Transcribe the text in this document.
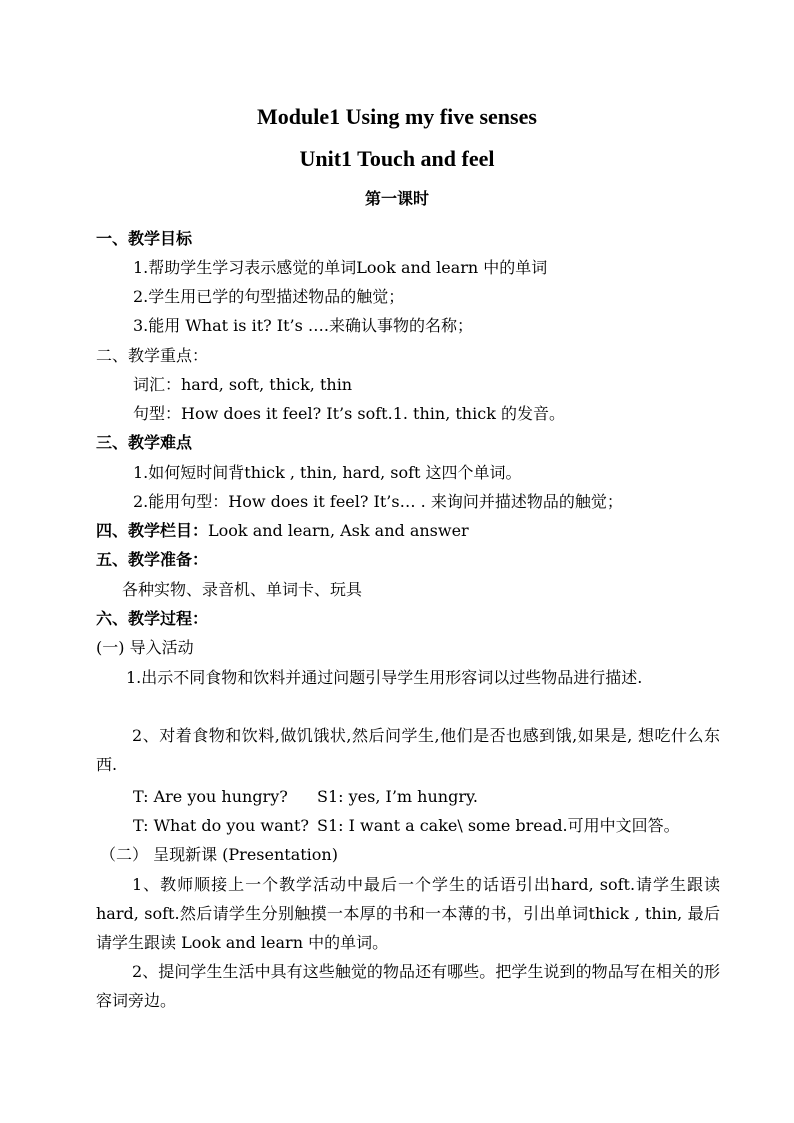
Module1 Using my five senses
Unit1 Touch and feel
第一课时
一、教学目标
1.帮助学生学习表示感觉的单词Look and learn 中的单词
2.学生用已学的句型描述物品的触觉；
3.能用 What is it? It’s ….来确认事物的名称；
二、教学重点：
词汇：hard, soft, thick, thin
句型：How does it feel? It’s soft.1. thin, thick 的发音。
三、教学难点
1.如何短时间背thick , thin, hard, soft 这四个单词。
2.能用句型：How does it feel? It’s… . 来询问并描述物品的触觉；
四、教学栏目：Look and learn, Ask and answer
五、教学准备：
各种实物、录音机、单词卡、玩具
六、教学过程：
(一) 导入活动
1.出示不同食物和饮料并通过问题引导学生用形容词以过些物品进行描述.
2、对着食物和饮料,做饥饿状,然后问学生,他们是否也感到饿,如果是, 想吃什么东西.
T: Are you hungry? S1: yes, I’m hungry.
T: What do you want? S1: I want a cake\ some bread.可用中文回答。
（二） 呈现新课 (Presentation)
1、教师顺接上一个教学活动中最后一个学生的话语引出hard, soft.请学生跟读 hard, soft.然后请学生分别触摸一本厚的书和一本薄的书，引出单词thick , thin, 最后请学生跟读 Look and learn 中的单词。
2、提问学生生活中具有这些触觉的物品还有哪些。把学生说到的物品写在相关的形容词旁边。
